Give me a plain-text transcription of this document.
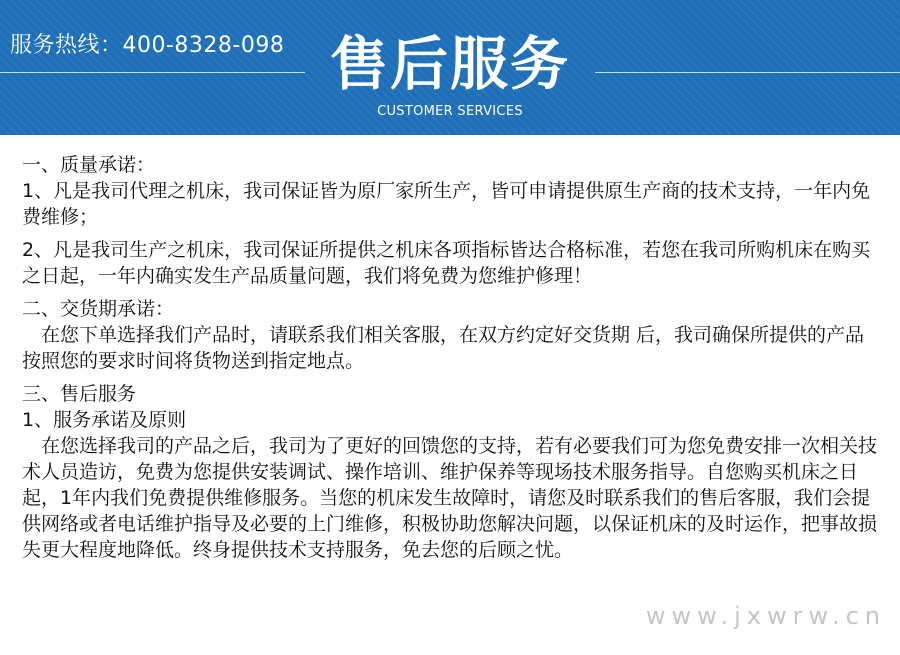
服务热线：400-8328-098 售后服务
CUSTOMER SERVICES

一、质量承诺：

1、凡是我司代理之机床，我司保证皆为原厂家所生产，皆可申请提供原生产商的技术支持，一年内免费维修；

2、凡是我司生产之机床，我司保证所提供之机床各项指标皆达合格标准，若您在我司所购机床在购买之日起，一年内确实发生产品质量问题，我们将免费为您维护修理！

二、交货期承诺：

在您下单选择我们产品时，请联系我们相关客服，在双方约定好交货期 后，我司确保所提供的产品按照您的要求时间将货物送到指定地点。

三、售后服务

1、服务承诺及原则

在您选择我司的产品之后，我司为了更好的回馈您的支持，若有必要我们可为您免费安排一次相关技术人员造访，免费为您提供安装调试、操作培训、维护保养等现场技术服务指导。自您购买机床之日起，1年内我们免费提供维修服务。当您的机床发生故障时，请您及时联系我们的售后客服，我们会提供网络或者电话维护指导及必要的上门维修，积极协助您解决问题，以保证机床的及时运作，把事故损失更大程度地降低。终身提供技术支持服务，免去您的后顾之忧。

www.jxwrw.cn
